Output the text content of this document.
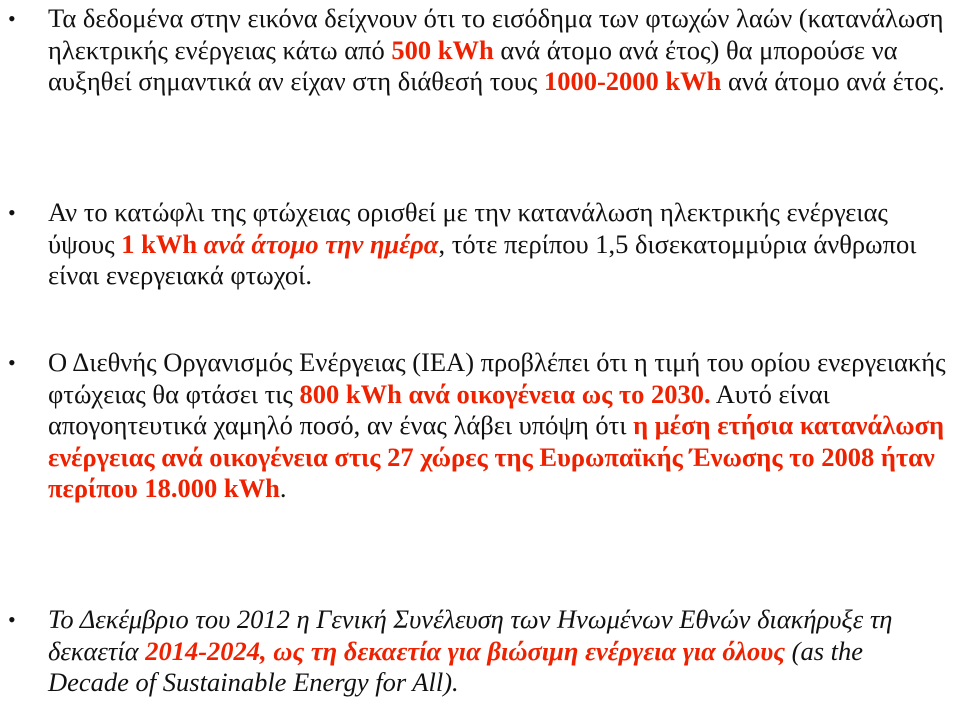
•	Τα δεδομένα στην εικόνα δείχνουν ότι το εισόδημα των φτωχών λαών (κατανάλωση ηλεκτρικής ενέργειας κάτω από 500 kWh ανά άτομο ανά έτος) θα μπορούσε να αυξηθεί σημαντικά αν είχαν στη διάθεσή τους 1000-2000 kWh ανά άτομο ανά έτος.
•	Αν το κατώφλι της φτώχειας ορισθεί με την κατανάλωση ηλεκτρικής ενέργειας ύψους 1 kWh ανά άτομο την ημέρα, τότε περίπου 1,5 δισεκατομμύρια άνθρωποι είναι ενεργειακά φτωχοί.
•	Ο Διεθνής Οργανισμός Ενέργειας (IEA) προβλέπει ότι η τιμή του ορίου ενεργειακής φτώχειας θα φτάσει τις 800 kWh ανά οικογένεια ως το 2030. Αυτό είναι απογοητευτικά χαμηλό ποσό, αν ένας λάβει υπόψη ότι η μέση ετήσια κατανάλωση ενέργειας ανά οικογένεια στις 27 χώρες της Ευρωπαϊκής Ένωσης το 2008 ήταν περίπου 18.000 kWh.
•	Το Δεκέμβριο του 2012 η Γενική Συνέλευση των Ηνωμένων Εθνών διακήρυξε τη δεκαετία 2014-2024, ως τη δεκαετία για βιώσιμη ενέργεια για όλους (as the Decade of Sustainable Energy for All).
